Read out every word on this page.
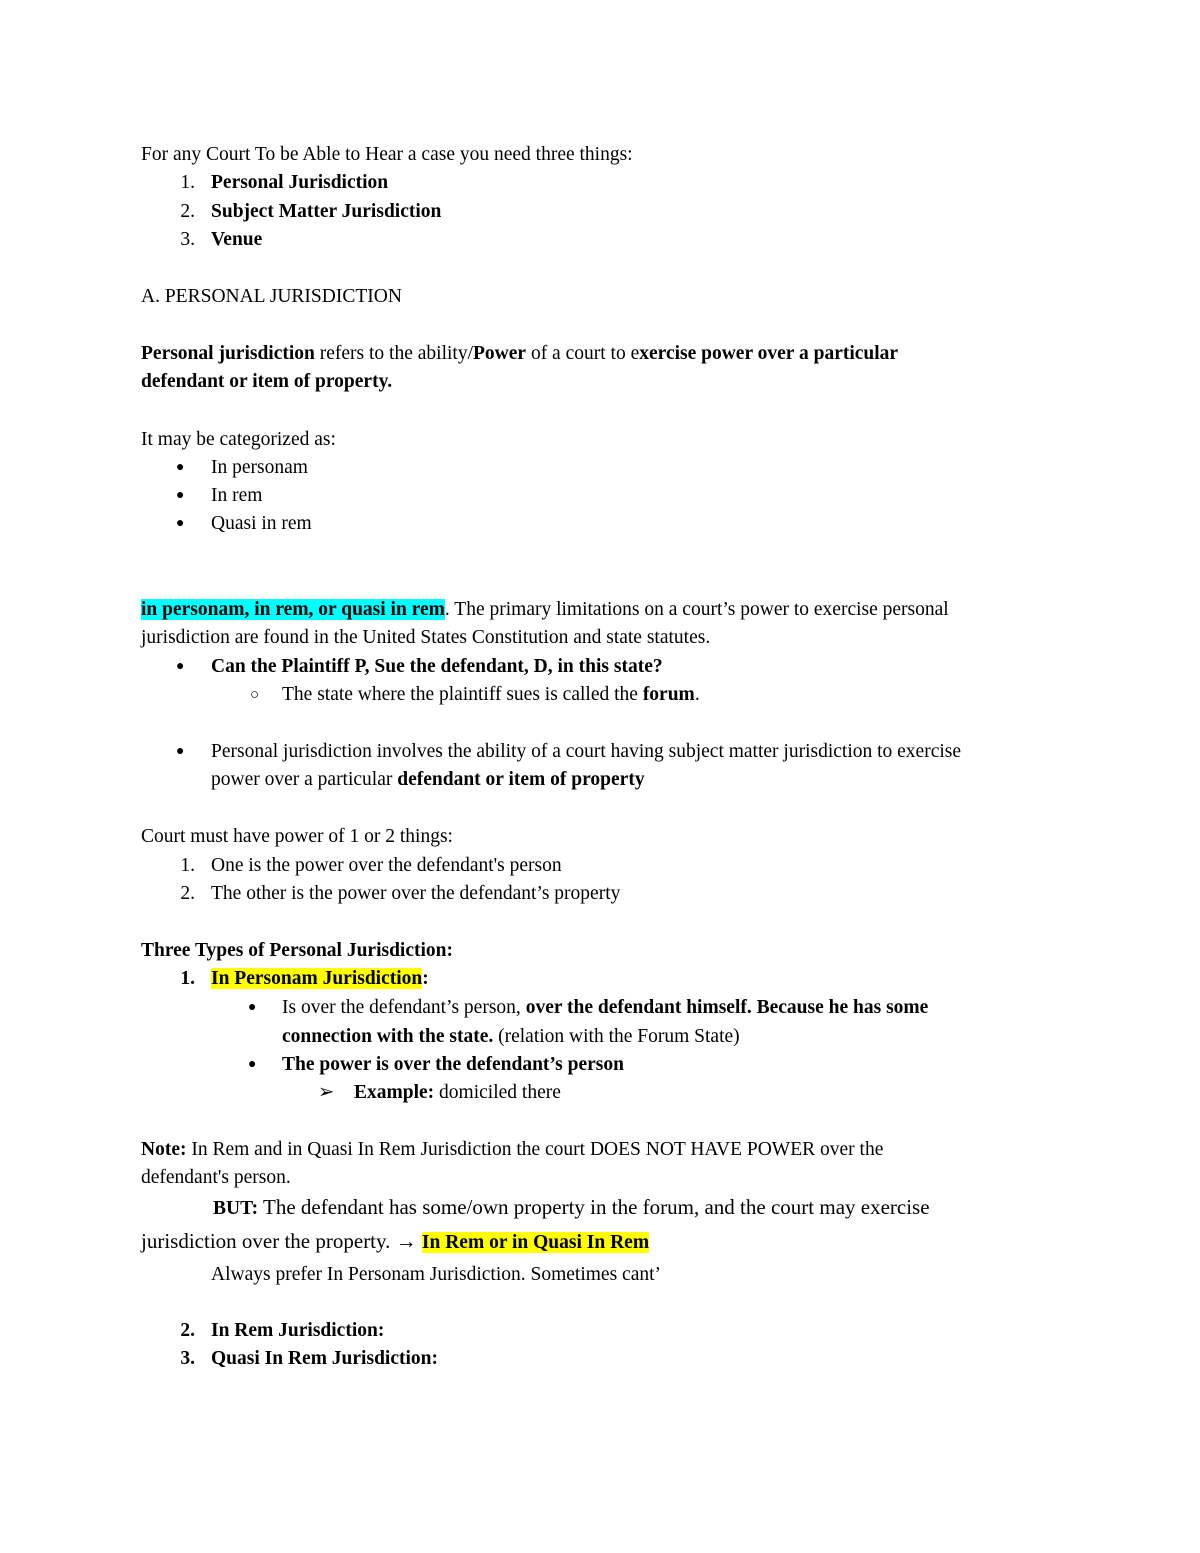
For any Court To be Able to Hear a case you need three things:
1. Personal Jurisdiction
2. Subject Matter Jurisdiction
3. Venue
A. PERSONAL JURISDICTION
Personal jurisdiction refers to the ability/Power of a court to exercise power over a particular
defendant or item of property.
It may be categorized as:
● In personam
● In rem
● Quasi in rem
in personam, in rem, or quasi in rem. The primary limitations on a court’s power to exercise personal
jurisdiction are found in the United States Constitution and state statutes.
● Can the Plaintiff P, Sue the defendant, D, in this state?
○ The state where the plaintiff sues is called the forum.
● Personal jurisdiction involves the ability of a court having subject matter jurisdiction to exercise
power over a particular defendant or item of property
Court must have power of 1 or 2 things:
1. One is the power over the defendant's person
2. The other is the power over the defendant’s property
Three Types of Personal Jurisdiction:
1. In Personam Jurisdiction:
● Is over the defendant’s person, over the defendant himself. Because he has some
connection with the state. (relation with the Forum State)
● The power is over the defendant’s person
➢ Example: domiciled there
Note: In Rem and in Quasi In Rem Jurisdiction the court DOES NOT HAVE POWER over the
defendant's person.
BUT: The defendant has some/own property in the forum, and the court may exercise
jurisdiction over the property. → In Rem or in Quasi In Rem
Always prefer In Personam Jurisdiction. Sometimes cant’
2. In Rem Jurisdiction:
3. Quasi In Rem Jurisdiction:
